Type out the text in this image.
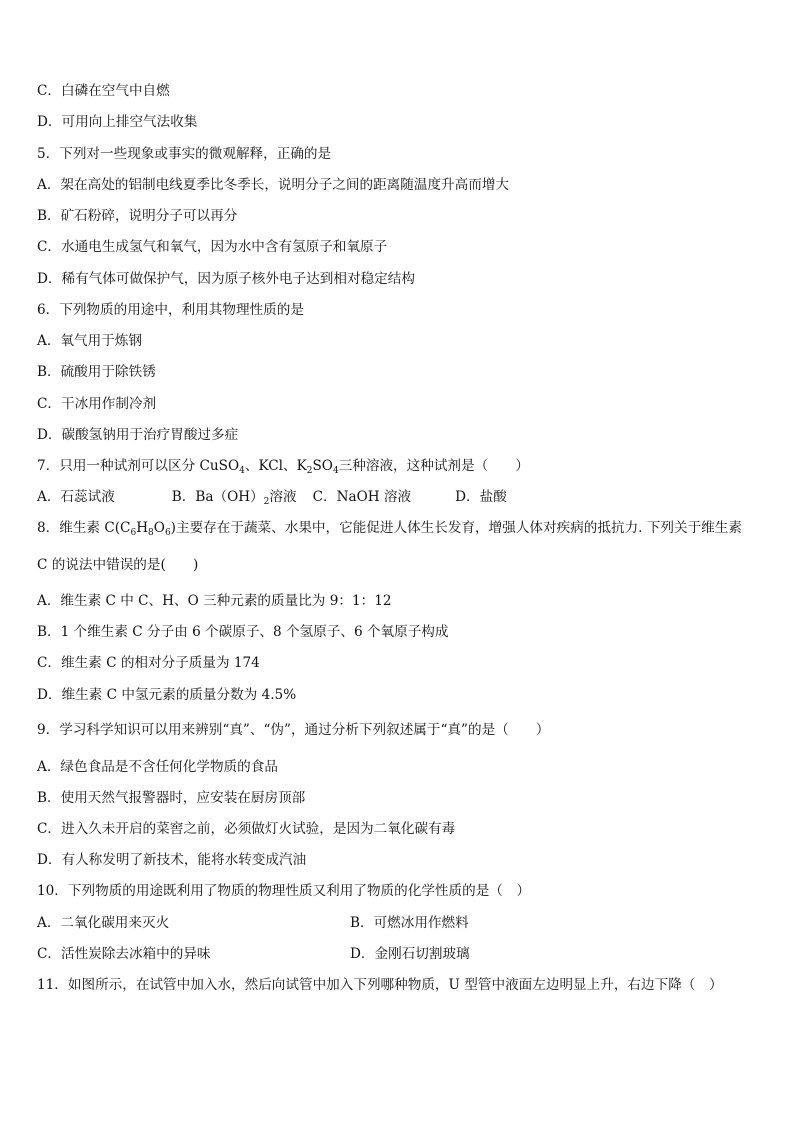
C．白磷在空气中自燃
D．可用向上排空气法收集
5．下列对一些现象或事实的微观解释，正确的是
A．架在高处的铝制电线夏季比冬季长，说明分子之间的距离随温度升高而增大
B．矿石粉碎，说明分子可以再分
C．水通电生成氢气和氧气，因为水中含有氢原子和氧原子
D．稀有气体可做保护气，因为原子核外电子达到相对稳定结构
6．下列物质的用途中，利用其物理性质的是
A．氧气用于炼钢
B．硫酸用于除铁锈
C．干冰用作制冷剂
D．碳酸氢钠用于治疗胃酸过多症
7．只用一种试剂可以区分 CuSO$_4$、KCl、$K_2SO_4$三种溶液，这种试剂是（　　）
A．石蕊试液	B．$Ba(OH)_2$溶液 C．NaOH 溶液	D．盐酸
8．维生素 $C(C_6H_8O_6)$主要存在于蔬菜、水果中，它能促进人体生长发育，增强人体对疾病的抵抗力. 下列关于维生素
C 的说法中错误的是(　　)
A．维生素 C 中 C、H、O 三种元素的质量比为 9：1：12
B．1 个维生素 C 分子由 6 个碳原子、8 个氢原子、6 个氧原子构成
C．维生素 C 的相对分子质量为 174
D．维生素 C 中氢元素的质量分数为 4.5%
9．学习科学知识可以用来辨别“真”、“伪”，通过分析下列叙述属于“真”的是（　　）
A．绿色食品是不含任何化学物质的食品
B．使用天然气报警器时，应安装在厨房顶部
C．进入久未开启的菜窖之前，必须做灯火试验，是因为二氧化碳有毒
D．有人称发明了新技术，能将水转变成汽油
10．下列物质的用途既利用了物质的物理性质又利用了物质的化学性质的是（　）
A．二氧化碳用来灭火	B．可燃冰用作燃料
C．活性炭除去冰箱中的异味	D．金刚石切割玻璃
11．如图所示，在试管中加入水，然后向试管中加入下列哪种物质，U 型管中液面左边明显上升，右边下降（　）
